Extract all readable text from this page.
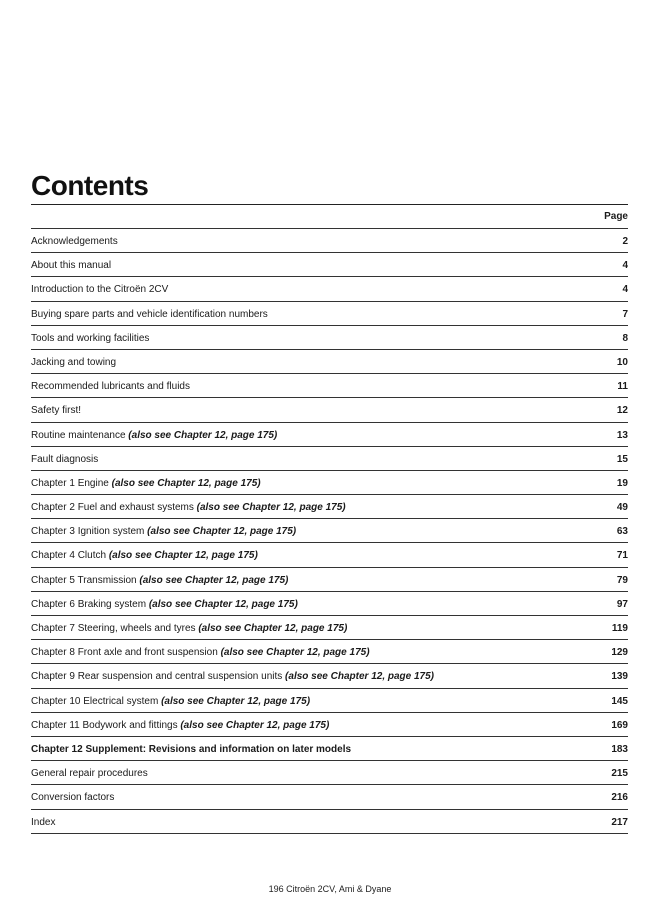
Contents
Page
Acknowledgements	2
About this manual	4
Introduction to the Citroën 2CV	4
Buying spare parts and vehicle identification numbers	7
Tools and working facilities	8
Jacking and towing	10
Recommended lubricants and fluids	11
Safety first!	12
Routine maintenance (also see Chapter 12, page 175)	13
Fault diagnosis	15
Chapter 1 Engine (also see Chapter 12, page 175)	19
Chapter 2 Fuel and exhaust systems (also see Chapter 12, page 175)	49
Chapter 3 Ignition system (also see Chapter 12, page 175)	63
Chapter 4 Clutch (also see Chapter 12, page 175)	71
Chapter 5 Transmission (also see Chapter 12, page 175)	79
Chapter 6 Braking system (also see Chapter 12, page 175)	97
Chapter 7 Steering, wheels and tyres (also see Chapter 12, page 175)	119
Chapter 8 Front axle and front suspension (also see Chapter 12, page 175)	129
Chapter 9 Rear suspension and central suspension units (also see Chapter 12, page 175)	139
Chapter 10 Electrical system (also see Chapter 12, page 175)	145
Chapter 11 Bodywork and fittings (also see Chapter 12, page 175)	169
Chapter 12 Supplement: Revisions and information on later models	183
General repair procedures	215
Conversion factors	216
Index	217
196 Citroën 2CV, Ami & Dyane
